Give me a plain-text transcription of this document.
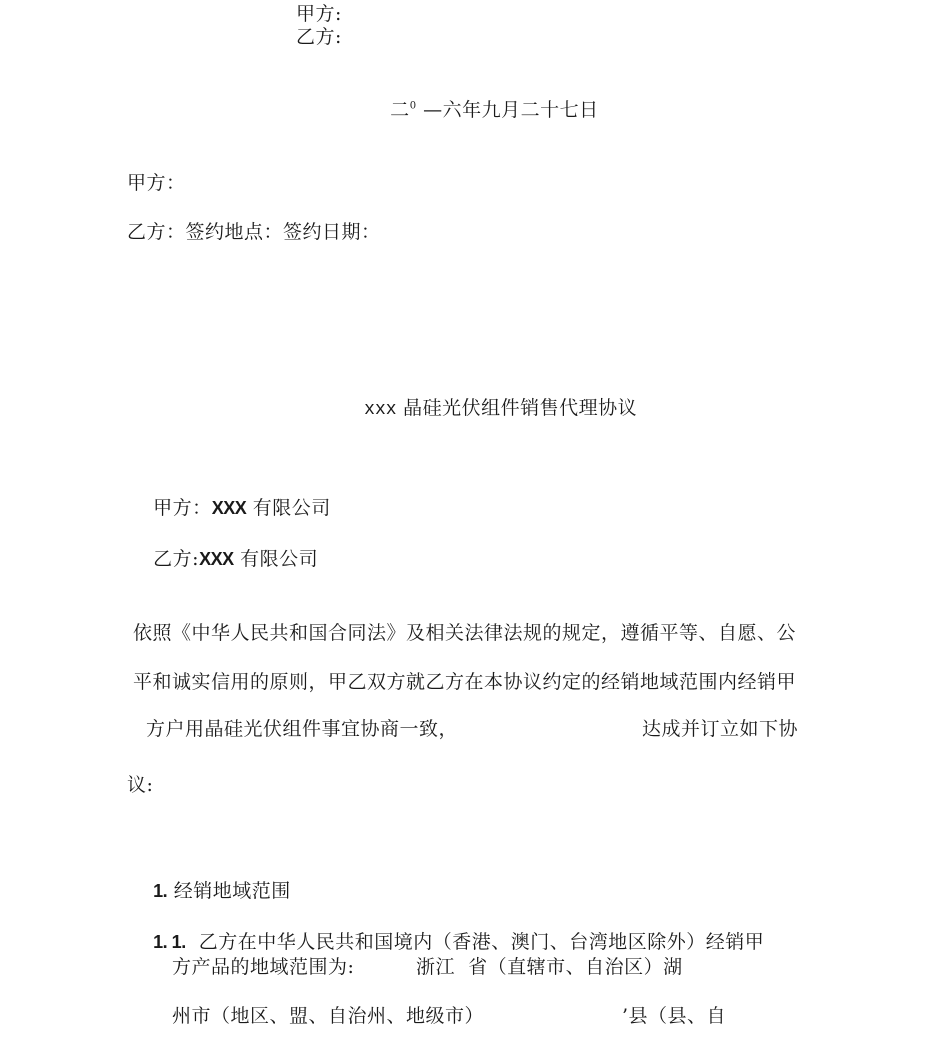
甲方:
乙方:

二$^0$ —六年九月二十七日

甲方：
乙方：签约地点：签约日期：

xxx 晶硅光伏组件销售代理协议

甲方：XXX 有限公司

乙方:XXX 有限公司

依照《中华人民共和国合同法》及相关法律法规的规定，遵循平等、自愿、公
平和诚实信用的原则，甲乙双方就乙方在本协议约定的经销地域范围内经销甲
方户用晶硅光伏组件事宜协商一致，	达成并订立如下协
议:

1. 经销地域范围

1. 1.  乙方在中华人民共和国境内（香港、澳门、台湾地区除外）经销甲

方产品的地域范围为:	浙江  省（直辖市、自治区）湖
州市（地区、盟、自治州、地级市）	’县（县、自
